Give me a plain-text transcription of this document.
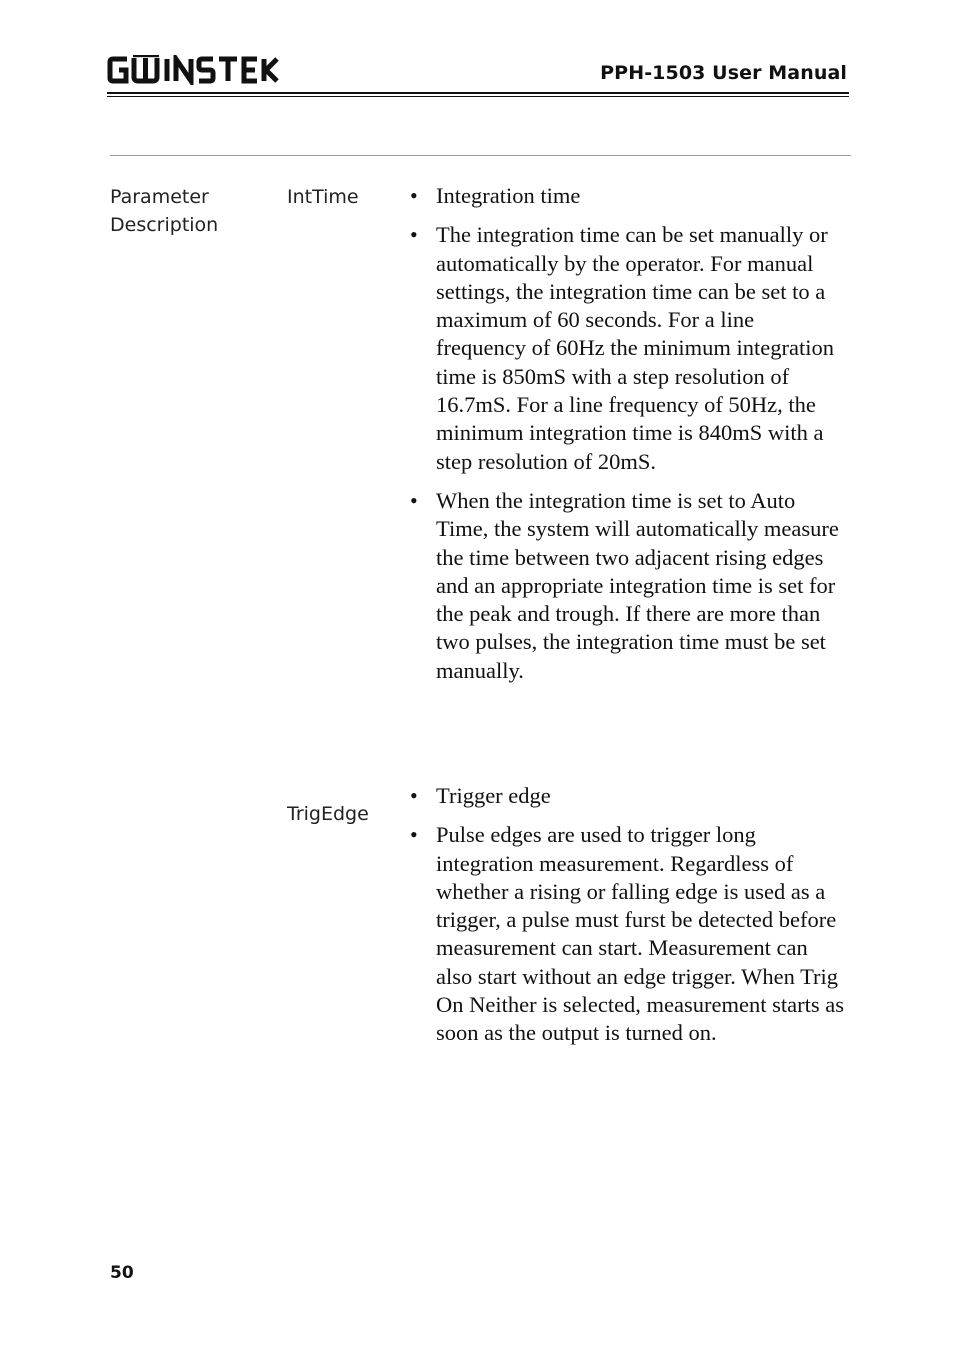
PPH-1503 User Manual
Parameter Description
IntTime • Integration time
• The integration time can be set manually or automatically by the operator. For manual settings, the integration time can be set to a maximum of 60 seconds. For a line frequency of 60Hz the minimum integration time is 850mS with a step resolution of 16.7mS. For a line frequency of 50Hz, the minimum integration time is 840mS with a step resolution of 20mS.
• When the integration time is set to Auto Time, the system will automatically measure the time between two adjacent rising edges and an appropriate integration time is set for the peak and trough. If there are more than two pulses, the integration time must be set manually.
TrigEdge
• Trigger edge
• Pulse edges are used to trigger long integration measurement. Regardless of whether a rising or falling edge is used as a trigger, a pulse must furst be detected before measurement can start. Measurement can also start without an edge trigger. When Trig On Neither is selected, measurement starts as soon as the output is turned on.
50
